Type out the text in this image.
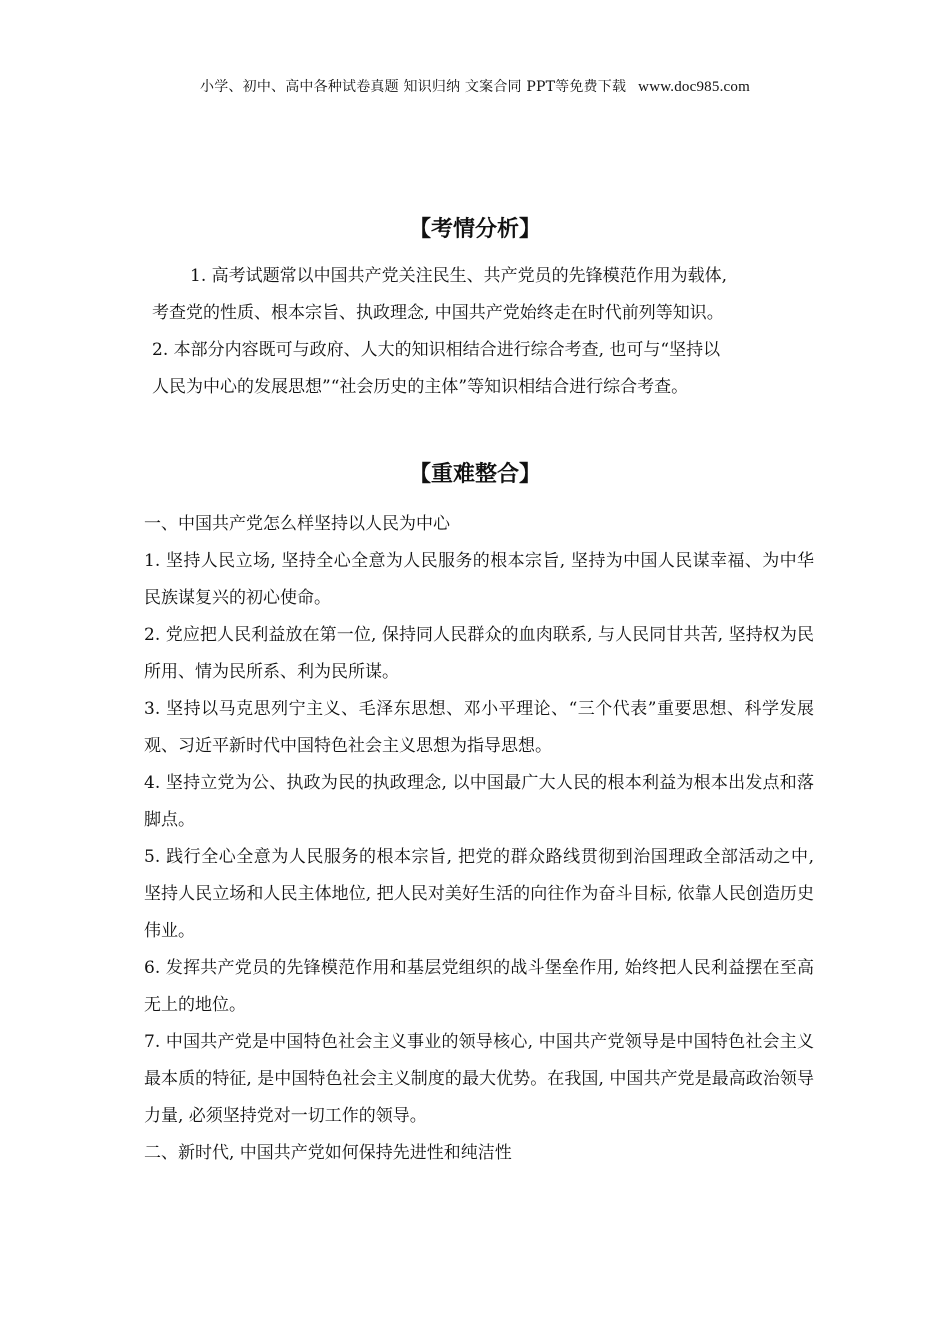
小学、初中、高中各种试卷真题 知识归纳 文案合同 PPT等免费下载 www.doc985.com
【考情分析】
1. 高考试题常以中国共产党关注民生、共产党员的先锋模范作用为载体,
考查党的性质、根本宗旨、执政理念, 中国共产党始终走在时代前列等知识。
2. 本部分内容既可与政府、人大的知识相结合进行综合考查, 也可与“坚持以
人民为中心的发展思想”“社会历史的主体”等知识相结合进行综合考查。
【重难整合】
一、中国共产党怎么样坚持以人民为中心
1. 坚持人民立场, 坚持全心全意为人民服务的根本宗旨, 坚持为中国人民谋幸福、为中华民族谋复兴的初心使命。
2. 党应把人民利益放在第一位, 保持同人民群众的血肉联系, 与人民同甘共苦, 坚持权为民所用、情为民所系、利为民所谋。
3. 坚持以马克思列宁主义、毛泽东思想、邓小平理论、“三个代表”重要思想、科学发展观、习近平新时代中国特色社会主义思想为指导思想。
4. 坚持立党为公、执政为民的执政理念, 以中国最广大人民的根本利益为根本出发点和落脚点。
5. 践行全心全意为人民服务的根本宗旨, 把党的群众路线贯彻到治国理政全部活动之中, 坚持人民立场和人民主体地位, 把人民对美好生活的向往作为奋斗目标, 依靠人民创造历史伟业。
6. 发挥共产党员的先锋模范作用和基层党组织的战斗堡垒作用, 始终把人民利益摆在至高无上的地位。
7. 中国共产党是中国特色社会主义事业的领导核心, 中国共产党领导是中国特色社会主义最本质的特征, 是中国特色社会主义制度的最大优势。在我国, 中国共产党是最高政治领导力量, 必须坚持党对一切工作的领导。
二、新时代, 中国共产党如何保持先进性和纯洁性
